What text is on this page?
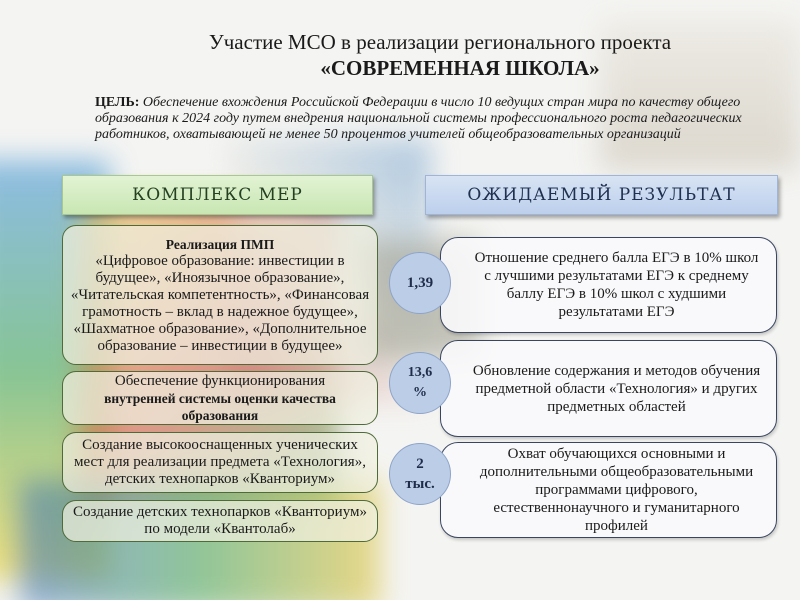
Участие МСО в реализации регионального проекта
«СОВРЕМЕННАЯ ШКОЛА»
ЦЕЛЬ: Обеспечение вхождения Российской Федерации в число 10 ведущих стран мира по качеству общего образования к 2024 году путем внедрения национальной системы профессионального роста педагогических работников, охватывающей не менее 50 процентов учителей общеобразовательных организаций
КОМПЛЕКС МЕР	ОЖИДАЕМЫЙ РЕЗУЛЬТАТ
Реализация ПМП
«Цифровое образование: инвестиции в будущее», «Иноязычное образование», «Читательская компетентность», «Финансовая грамотность – вклад в надежное будущее», «Шахматное образование», «Дополнительное образование – инвестиции в будущее»
Обеспечение функционирования
внутренней системы оценки качества образования
Создание высокооснащенных ученических мест для реализации предмета «Технология», детских технопарков «Кванториум»
Создание детских технопарков «Кванториум» по модели «Квантолаб»
1,39
Отношение среднего балла ЕГЭ в 10% школ с лучшими результатами ЕГЭ к среднему баллу ЕГЭ в 10% школ с худшими результатами ЕГЭ
13,6 %
Обновление содержания и методов обучения предметной области «Технология» и других предметных областей
2 тыс.
Охват обучающихся основными и дополнительными общеобразовательными программами цифрового, естественнонаучного и гуманитарного профилей
